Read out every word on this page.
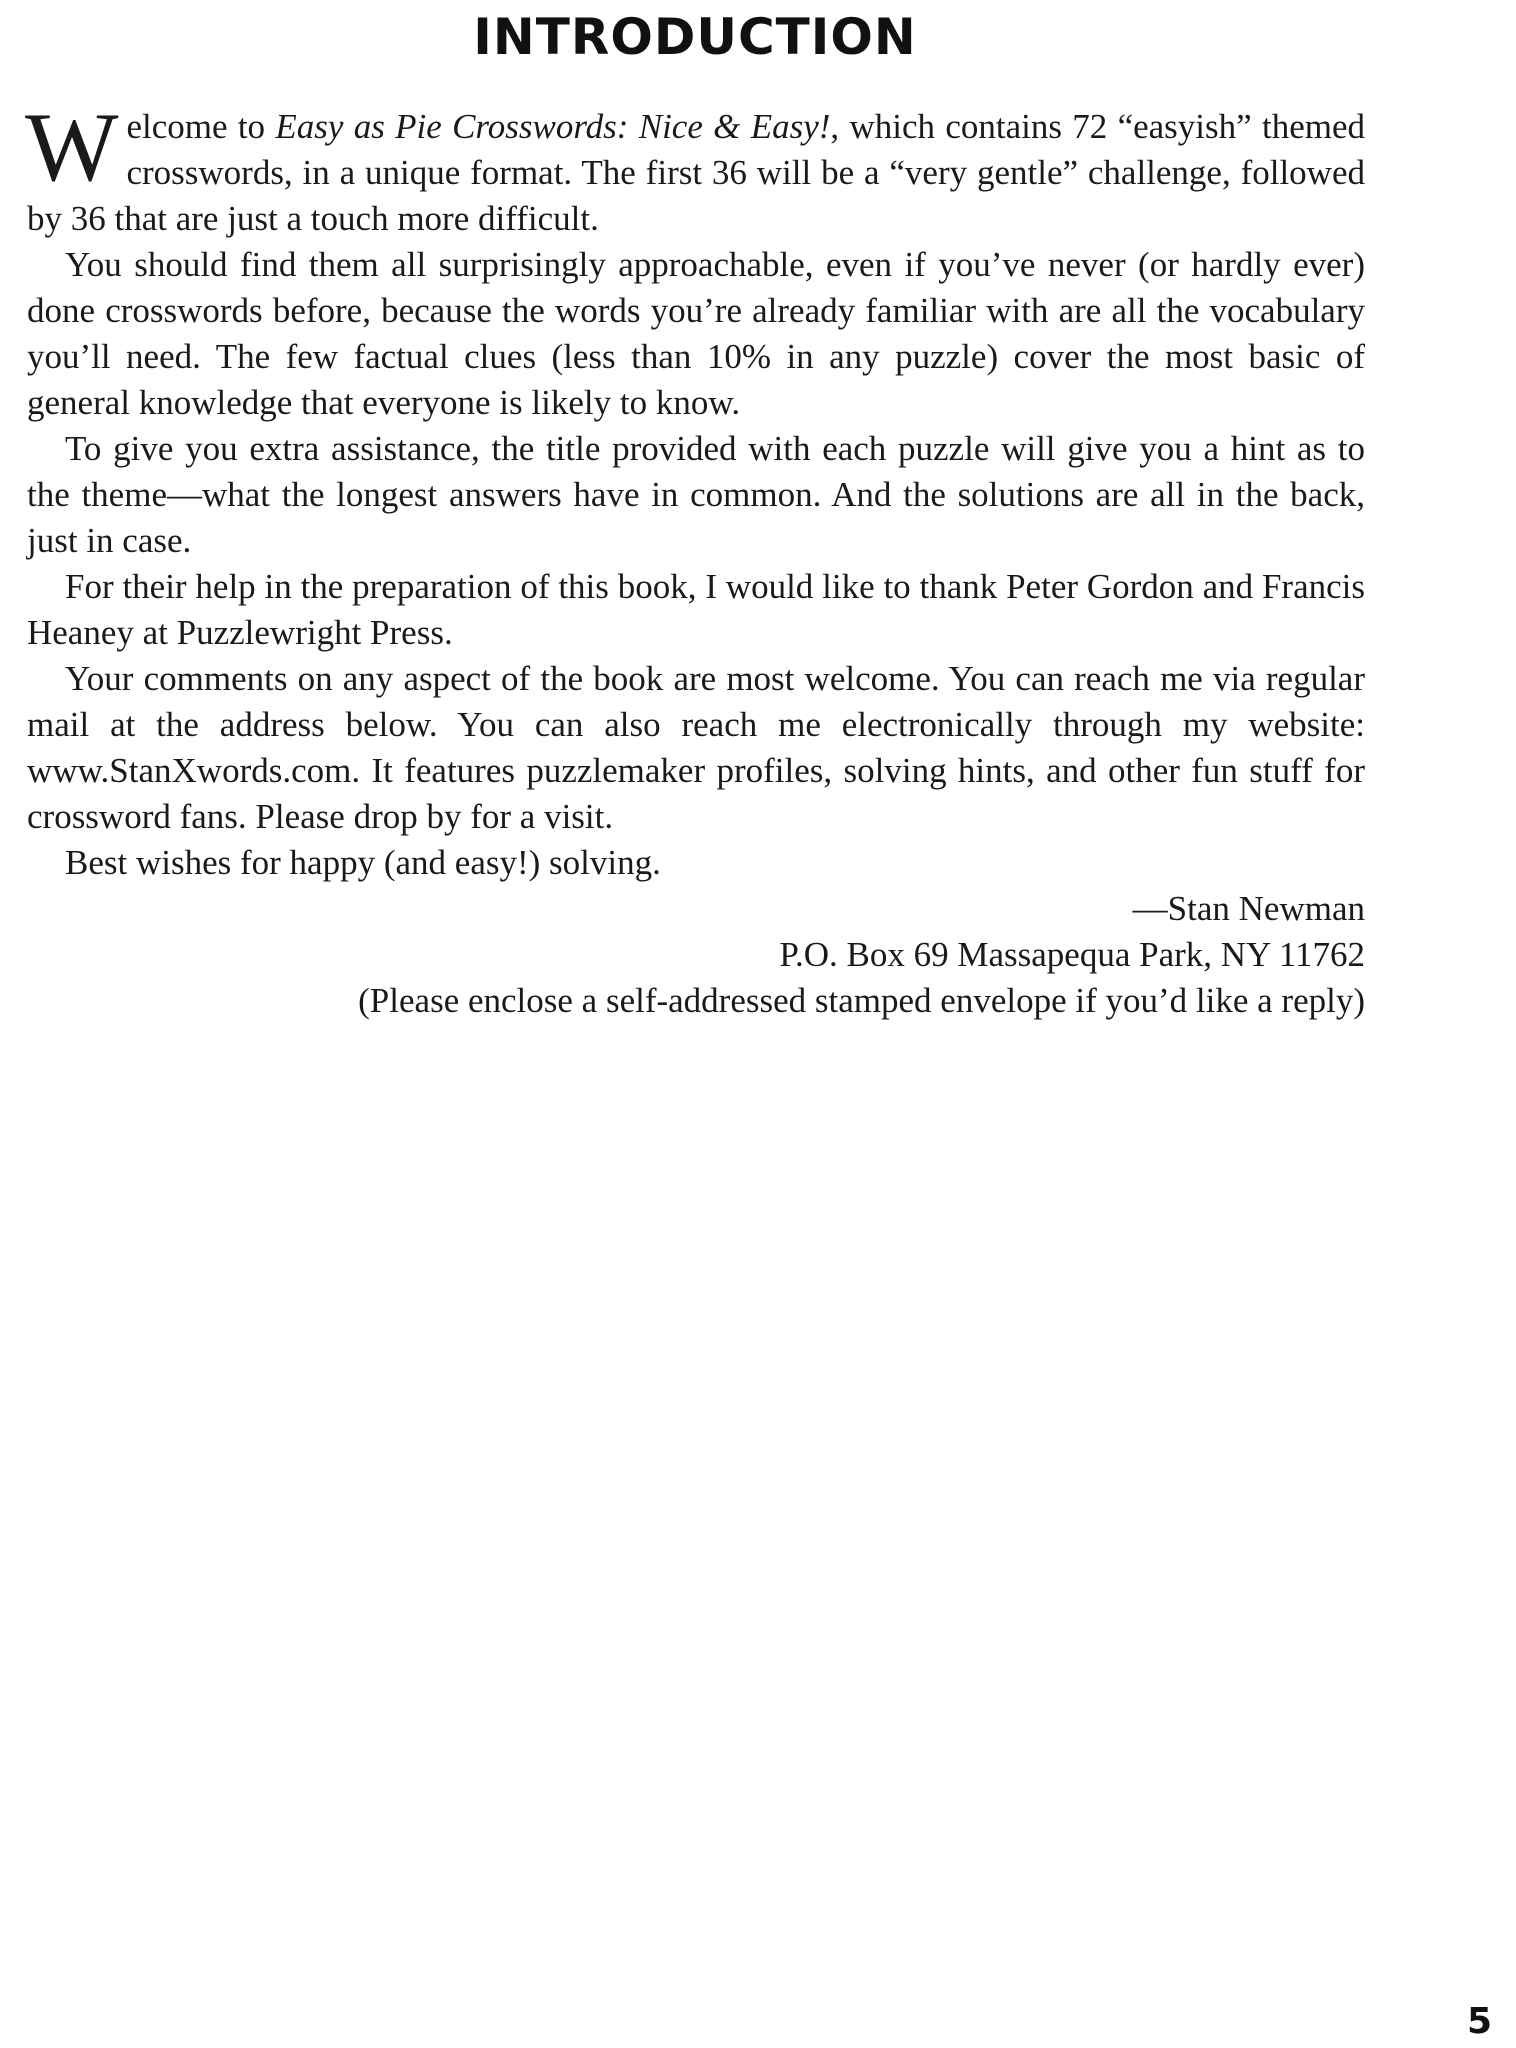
INTRODUCTION

Welcome to Easy as Pie Crosswords: Nice & Easy!, which contains 72 “easyish” themed crosswords, in a unique format. The first 36 will be a “very gentle” challenge, followed by 36 that are just a touch more difficult.

You should find them all surprisingly approachable, even if you’ve never (or hardly ever) done crosswords before, because the words you’re already familiar with are all the vocabulary you’ll need. The few factual clues (less than 10% in any puzzle) cover the most basic of general knowledge that everyone is likely to know.

To give you extra assistance, the title provided with each puzzle will give you a hint as to the theme—what the longest answers have in common. And the solutions are all in the back, just in case.

For their help in the preparation of this book, I would like to thank Peter Gordon and Francis Heaney at Puzzlewright Press.

Your comments on any aspect of the book are most welcome. You can reach me via regular mail at the address below. You can also reach me electronically through my website: www.StanXwords.com. It features puzzlemaker profiles, solving hints, and other fun stuff for crossword fans. Please drop by for a visit.

Best wishes for happy (and easy!) solving.

—Stan Newman

P.O. Box 69 Massapequa Park, NY 11762

(Please enclose a self-addressed stamped envelope if you’d like a reply)

5
